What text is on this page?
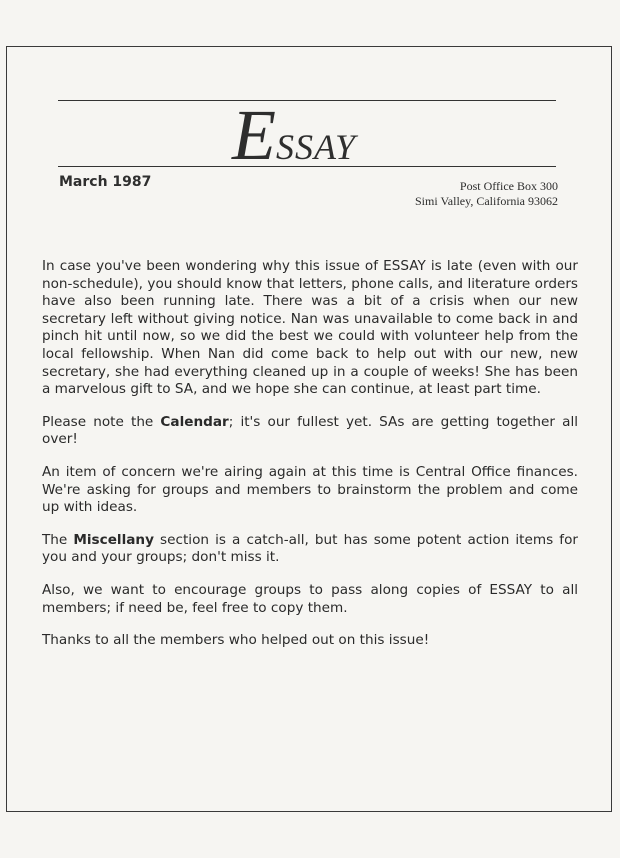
ESSAY
March 1987	Post Office Box 300
Simi Valley, California 93062

In case you've been wondering why this issue of ESSAY is late (even with our non-schedule), you should know that letters, phone calls, and literature orders have also been running late. There was a bit of a crisis when our new secretary left without giving notice. Nan was unavailable to come back in and pinch hit until now, so we did the best we could with volunteer help from the local fellowship. When Nan did come back to help out with our new, new secretary, she had everything cleaned up in a couple of weeks! She has been a marvelous gift to SA, and we hope she can continue, at least part time.

Please note the Calendar; it's our fullest yet. SAs are getting together all over!

An item of concern we're airing again at this time is Central Office finances. We're asking for groups and members to brainstorm the problem and come up with ideas.

The Miscellany section is a catch-all, but has some potent action items for you and your groups; don't miss it.

Also, we want to encourage groups to pass along copies of ESSAY to all members; if need be, feel free to copy them.

Thanks to all the members who helped out on this issue!
